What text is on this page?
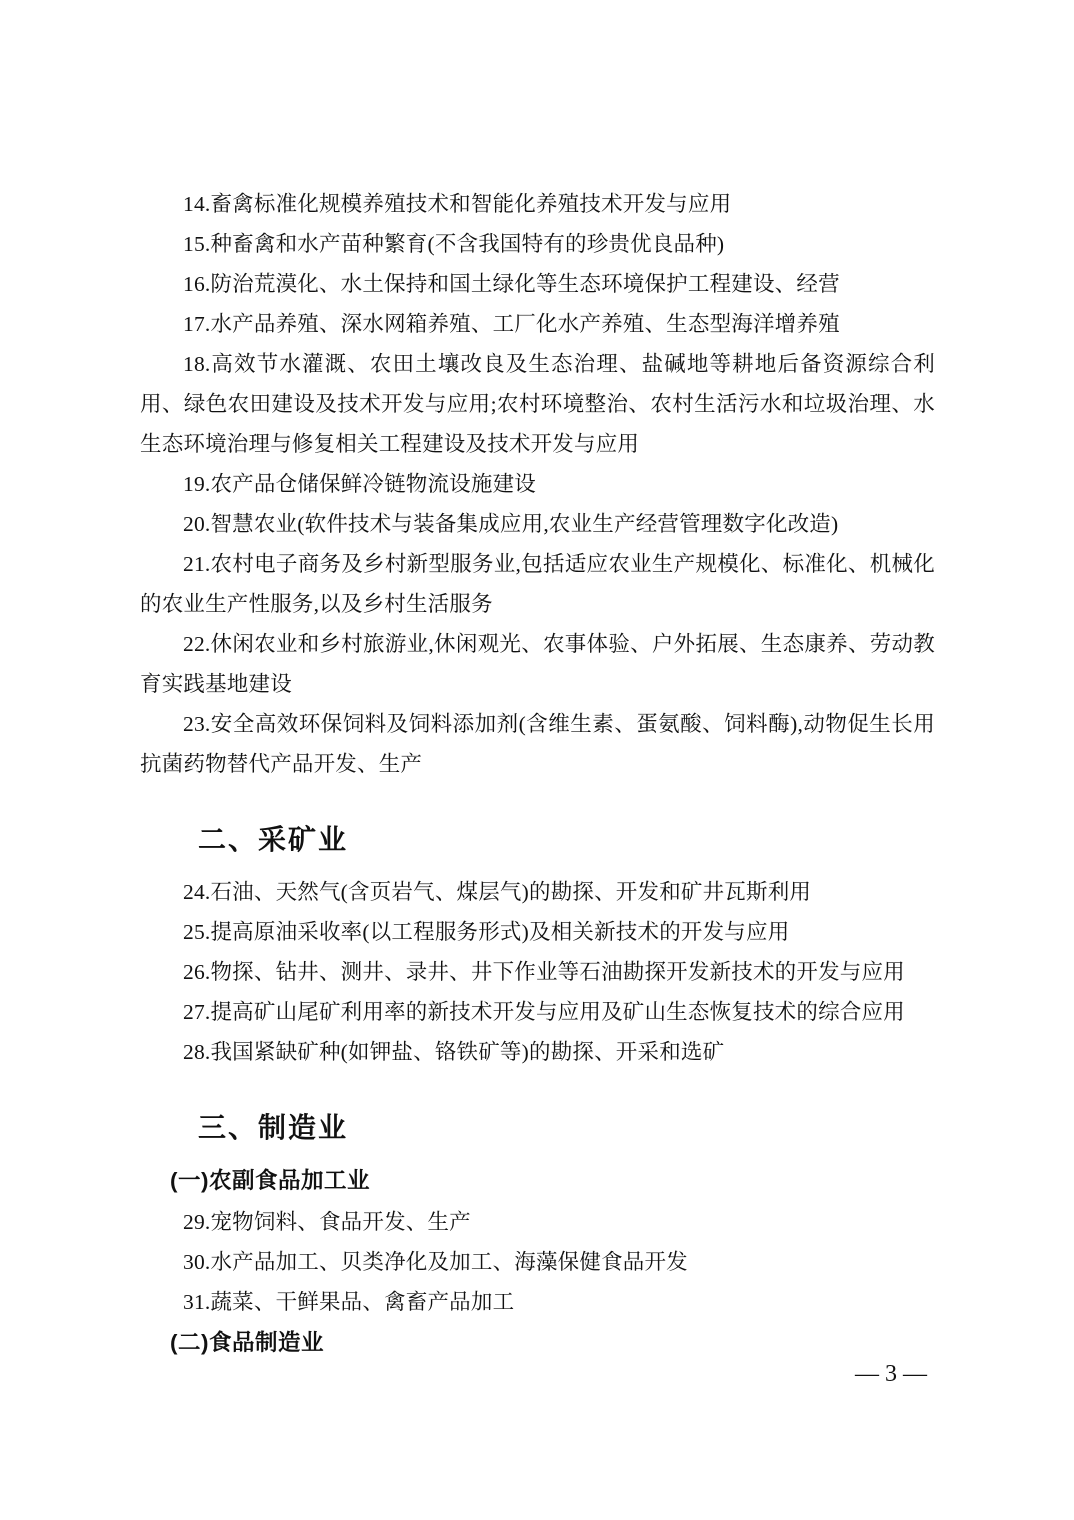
14.畜禽标准化规模养殖技术和智能化养殖技术开发与应用

15.种畜禽和水产苗种繁育(不含我国特有的珍贵优良品种)

16.防治荒漠化、水土保持和国土绿化等生态环境保护工程建设、经营

17.水产品养殖、深水网箱养殖、工厂化水产养殖、生态型海洋增养殖

18.高效节水灌溉、农田土壤改良及生态治理、盐碱地等耕地后备资源综合利用、绿色农田建设及技术开发与应用;农村环境整治、农村生活污水和垃圾治理、水生态环境治理与修复相关工程建设及技术开发与应用

19.农产品仓储保鲜冷链物流设施建设

20.智慧农业(软件技术与装备集成应用,农业生产经营管理数字化改造)

21.农村电子商务及乡村新型服务业,包括适应农业生产规模化、标准化、机械化的农业生产性服务,以及乡村生活服务

22.休闲农业和乡村旅游业,休闲观光、农事体验、户外拓展、生态康养、劳动教育实践基地建设

23.安全高效环保饲料及饲料添加剂(含维生素、蛋氨酸、饲料酶),动物促生长用抗菌药物替代产品开发、生产

二、采矿业

24.石油、天然气(含页岩气、煤层气)的勘探、开发和矿井瓦斯利用

25.提高原油采收率(以工程服务形式)及相关新技术的开发与应用

26.物探、钻井、测井、录井、井下作业等石油勘探开发新技术的开发与应用

27.提高矿山尾矿利用率的新技术开发与应用及矿山生态恢复技术的综合应用

28.我国紧缺矿种(如钾盐、铬铁矿等)的勘探、开采和选矿

三、制造业

(一)农副食品加工业

29.宠物饲料、食品开发、生产

30.水产品加工、贝类净化及加工、海藻保健食品开发

31.蔬菜、干鲜果品、禽畜产品加工

(二)食品制造业

— 3 —
